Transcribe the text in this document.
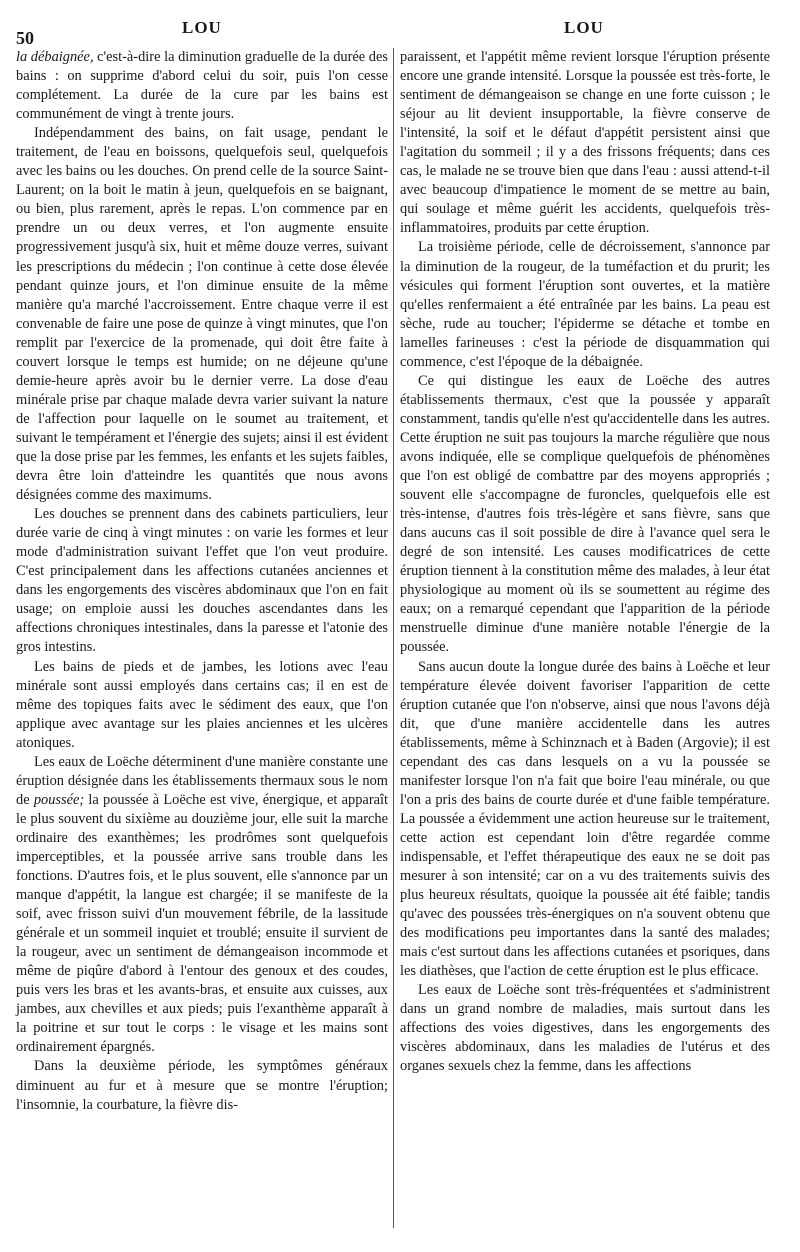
50
LOU	LOU

la débaignée, c'est-à-dire la diminution graduelle de la durée des bains : on supprime d'abord celui du soir, puis l'on cesse complétement. La durée de la cure par les bains est communément de vingt à trente jours.

Indépendamment des bains, on fait usage, pendant le traitement, de l'eau en boissons, quelquefois seul, quelquefois avec les bains ou les douches. On prend celle de la source Saint-Laurent; on la boit le matin à jeun, quelquefois en se baignant, ou bien, plus rarement, après le repas. L'on commence par en prendre un ou deux verres, et l'on augmente ensuite progressivement jusqu'à six, huit et même douze verres, suivant les prescriptions du médecin ; l'on continue à cette dose élevée pendant quinze jours, et l'on diminue ensuite de la même manière qu'a marché l'accroissement. Entre chaque verre il est convenable de faire une pose de quinze à vingt minutes, que l'on remplit par l'exercice de la promenade, qui doit être faite à couvert lorsque le temps est humide; on ne déjeune qu'une demie-heure après avoir bu le dernier verre. La dose d'eau minérale prise par chaque malade devra varier suivant la nature de l'affection pour laquelle on le soumet au traitement, et suivant le tempérament et l'énergie des sujets; ainsi il est évident que la dose prise par les femmes, les enfants et les sujets faibles, devra être loin d'atteindre les quantités que nous avons désignées comme des maximums.

Les douches se prennent dans des cabinets particuliers, leur durée varie de cinq à vingt minutes : on varie les formes et leur mode d'administration suivant l'effet que l'on veut produire. C'est principalement dans les affections cutanées anciennes et dans les engorgements des viscères abdominaux que l'on en fait usage; on emploie aussi les douches ascendantes dans les affections chroniques intestinales, dans la paresse et l'atonie des gros intestins.

Les bains de pieds et de jambes, les lotions avec l'eau minérale sont aussi employés dans certains cas; il en est de même des topiques faits avec le sédiment des eaux, que l'on applique avec avantage sur les plaies anciennes et les ulcères atoniques.

Les eaux de Loëche déterminent d'une manière constante une éruption désignée dans les établissements thermaux sous le nom de poussée; la poussée à Loëche est vive, énergique, et apparaît le plus souvent du sixième au douzième jour, elle suit la marche ordinaire des exanthèmes; les prodrômes sont quelquefois imperceptibles, et la poussée arrive sans trouble dans les fonctions. D'autres fois, et le plus souvent, elle s'annonce par un manque d'appétit, la langue est chargée; il se manifeste de la soif, avec frisson suivi d'un mouvement fébrile, de la lassitude générale et un sommeil inquiet et troublé; ensuite il survient de la rougeur, avec un sentiment de démangeaison incommode et même de piqûre d'abord à l'entour des genoux et des coudes, puis vers les bras et les avants-bras, et ensuite aux cuisses, aux jambes, aux chevilles et aux pieds; puis l'exanthème apparaît à la poitrine et sur tout le corps : le visage et les mains sont ordinairement épargnés.

Dans la deuxième période, les symptômes généraux diminuent au fur et à mesure que se montre l'éruption; l'insomnie, la courbature, la fièvre dis-

paraissent, et l'appétit même revient lorsque l'éruption présente encore une grande intensité. Lorsque la poussée est très-forte, le sentiment de démangeaison se change en une forte cuisson ; le séjour au lit devient insupportable, la fièvre conserve de l'intensité, la soif et le défaut d'appétit persistent ainsi que l'agitation du sommeil ; il y a des frissons fréquents; dans ces cas, le malade ne se trouve bien que dans l'eau : aussi attend-t-il avec beaucoup d'impatience le moment de se mettre au bain, qui soulage et même guérit les accidents, quelquefois très-inflammatoires, produits par cette éruption.

La troisième période, celle de décroissement, s'annonce par la diminution de la rougeur, de la tuméfaction et du prurit; les vésicules qui forment l'éruption sont ouvertes, et la matière qu'elles renfermaient a été entraînée par les bains. La peau est sèche, rude au toucher; l'épiderme se détache et tombe en lamelles farineuses : c'est la période de disquammation qui commence, c'est l'époque de la débaignée.

Ce qui distingue les eaux de Loëche des autres établissements thermaux, c'est que la poussée y apparaît constamment, tandis qu'elle n'est qu'accidentelle dans les autres. Cette éruption ne suit pas toujours la marche régulière que nous avons indiquée, elle se complique quelquefois de phénomènes que l'on est obligé de combattre par des moyens appropriés ; souvent elle s'accompagne de furoncles, quelquefois elle est très-intense, d'autres fois très-légère et sans fièvre, sans que dans aucuns cas il soit possible de dire à l'avance quel sera le degré de son intensité. Les causes modificatrices de cette éruption tiennent à la constitution même des malades, à leur état physiologique au moment où ils se soumettent au régime des eaux; on a remarqué cependant que l'apparition de la période menstruelle diminue d'une manière notable l'énergie de la poussée.

Sans aucun doute la longue durée des bains à Loëche et leur température élevée doivent favoriser l'apparition de cette éruption cutanée que l'on n'observe, ainsi que nous l'avons déjà dit, que d'une manière accidentelle dans les autres établissements, même à Schinznach et à Baden (Argovie); il est cependant des cas dans lesquels on a vu la poussée se manifester lorsque l'on n'a fait que boire l'eau minérale, ou que l'on a pris des bains de courte durée et d'une faible température. La poussée a évidemment une action heureuse sur le traitement, cette action est cependant loin d'être regardée comme indispensable, et l'effet thérapeutique des eaux ne se doit pas mesurer à son intensité; car on a vu des traitements suivis des plus heureux résultats, quoique la poussée ait été faible; tandis qu'avec des poussées très-énergiques on n'a souvent obtenu que des modifications peu importantes dans la santé des malades; mais c'est surtout dans les affections cutanées et psoriques, dans les diathèses, que l'action de cette éruption est le plus efficace.

Les eaux de Loëche sont très-fréquentées et s'administrent dans un grand nombre de maladies, mais surtout dans les affections des voies digestives, dans les engorgements des viscères abdominaux, dans les maladies de l'utérus et des organes sexuels chez la femme, dans les affections
